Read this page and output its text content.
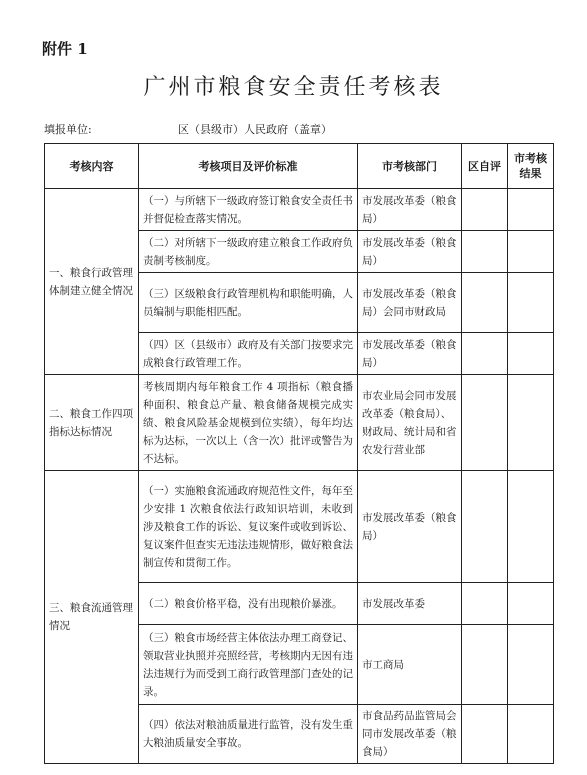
附件 1
广州市粮食安全责任考核表
填报单位:	区（县级市）人民政府（盖章）
考核内容	考核项目及评价标准	市考核部门	区自评	市考核结果
一、粮食行政管理体制建立健全情况	（一）与所辖下一级政府签订粮食安全责任书并督促检查落实情况。	市发展改革委（粮食局）		
	（二）对所辖下一级政府建立粮食工作政府负责制考核制度。	市发展改革委（粮食局）		
	（三）区级粮食行政管理机构和职能明确，人员编制与职能相匹配。	市发展改革委（粮食局）会同市财政局		
	（四）区（县级市）政府及有关部门按要求完成粮食行政管理工作。	市发展改革委（粮食局）		
二、粮食工作四项指标达标情况	考核周期内每年粮食工作 4 项指标（粮食播种面积、粮食总产量、粮食储备规模完成实绩、粮食风险基金规模到位实绩），每年均达标为达标，一次以上（含一次）批评或警告为不达标。	市农业局会同市发展改革委（粮食局）、财政局、统计局和省农发行营业部		
三、粮食流通管理情况	（一）实施粮食流通政府规范性文件，每年至少安排 1 次粮食依法行政知识培训，未收到涉及粮食工作的诉讼、复议案件或收到诉讼、复议案件但查实无违法违规情形，做好粮食法制宣传和贯彻工作。	市发展改革委（粮食局）		
	（二）粮食价格平稳，没有出现粮价暴涨。	市发展改革委		
	（三）粮食市场经营主体依法办理工商登记、领取营业执照并亮照经营，考核期内无因有违法违规行为而受到工商行政管理部门查处的记录。	市工商局		
	（四）依法对粮油质量进行监管，没有发生重大粮油质量安全事故。	市食品药品监管局会同市发展改革委（粮食局）		
